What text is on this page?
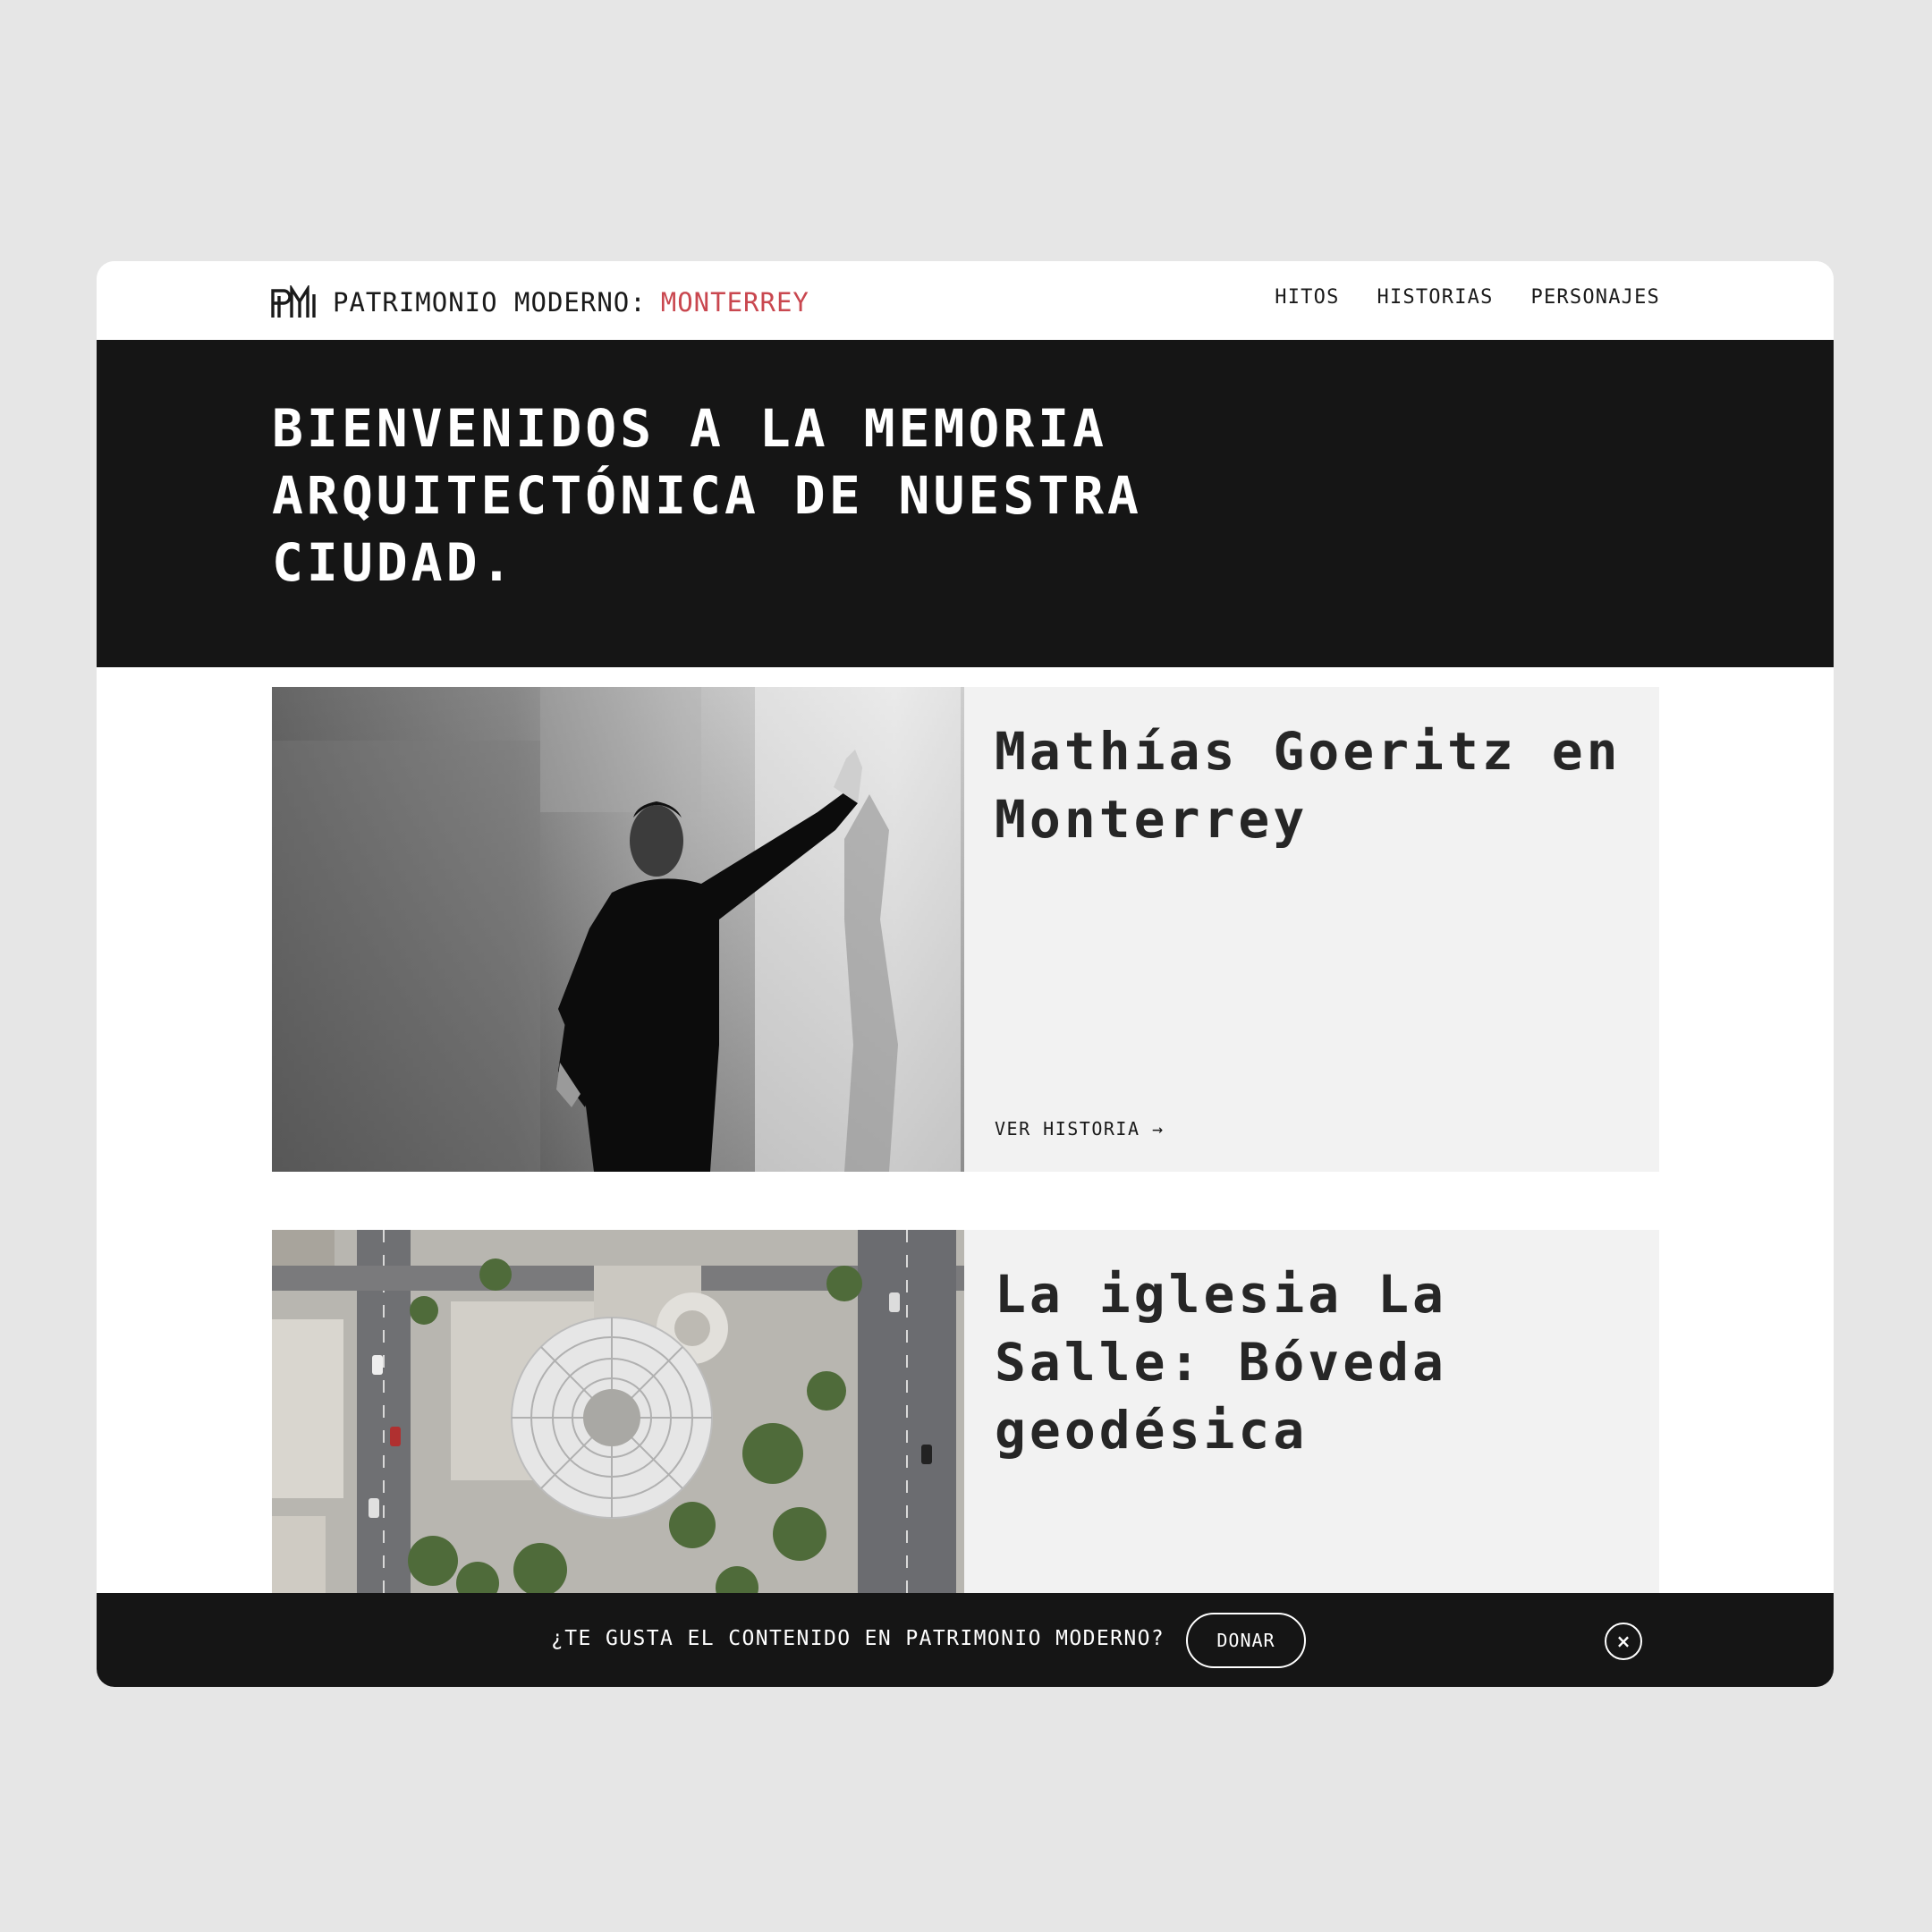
PATRIMONIO MODERNO: MONTERREY	HITOS HISTORIAS PERSONAJES
BIENVENIDOS A LA MEMORIA ARQUITECTÓNICA DE NUESTRA CIUDAD.
Mathías Goeritz en Monterrey
VER HISTORIA →
La iglesia La Salle: Bóveda geodésica
¿TE GUSTA EL CONTENIDO EN PATRIMONIO MODERNO?	DONAR	×
